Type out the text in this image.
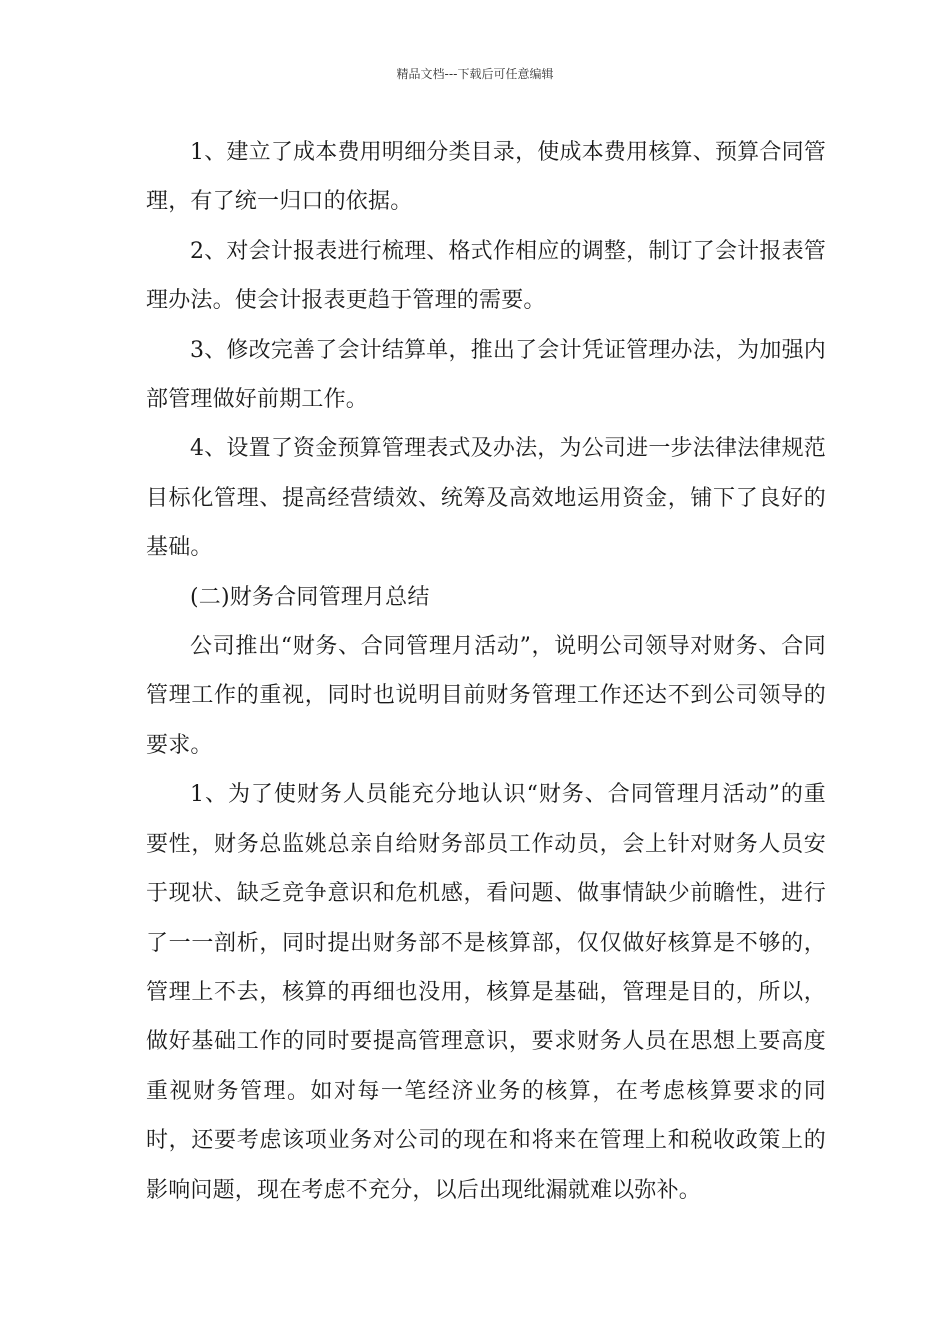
精品文档---下载后可任意编辑

1、建立了成本费用明细分类目录，使成本费用核算、预算合同管理，有了统一归口的依据。

2、对会计报表进行梳理、格式作相应的调整，制订了会计报表管理办法。使会计报表更趋于管理的需要。

3、修改完善了会计结算单，推出了会计凭证管理办法，为加强内部管理做好前期工作。

4、设置了资金预算管理表式及办法，为公司进一步法律法律规范目标化管理、提高经营绩效、统筹及高效地运用资金，铺下了良好的基础。

(二)财务合同管理月总结

公司推出“财务、合同管理月活动”，说明公司领导对财务、合同管理工作的重视，同时也说明目前财务管理工作还达不到公司领导的要求。

1、为了使财务人员能充分地认识“财务、合同管理月活动”的重要性，财务总监姚总亲自给财务部员工作动员，会上针对财务人员安于现状、缺乏竞争意识和危机感，看问题、做事情缺少前瞻性，进行了一一剖析，同时提出财务部不是核算部，仅仅做好核算是不够的，管理上不去，核算的再细也没用，核算是基础，管理是目的，所以，做好基础工作的同时要提高管理意识，要求财务人员在思想上要高度重视财务管理。如对每一笔经济业务的核算，在考虑核算要求的同时，还要考虑该项业务对公司的现在和将来在管理上和税收政策上的影响问题，现在考虑不充分，以后出现纰漏就难以弥补。
